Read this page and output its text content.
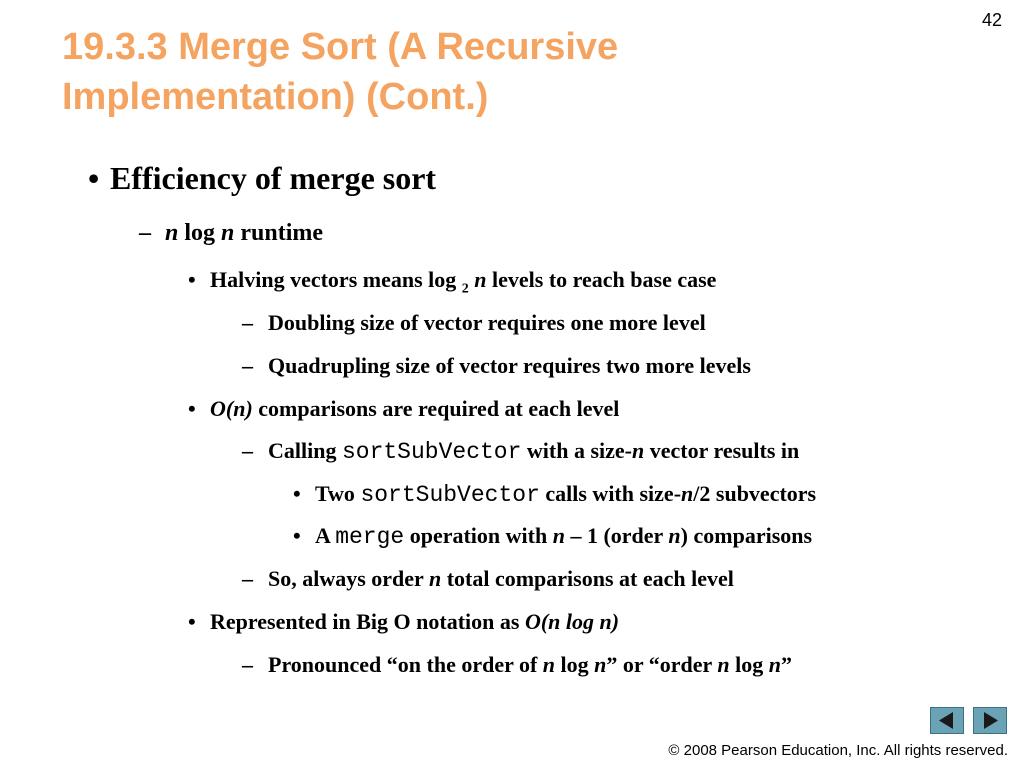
42
19.3.3 Merge Sort (A Recursive
Implementation) (Cont.)
• Efficiency of merge sort
– n log n runtime
• Halving vectors means log $_2$ n levels to reach base case
– Doubling size of vector requires one more level
– Quadrupling size of vector requires two more levels
• O(n) comparisons are required at each level
– Calling sortSubVector with a size-n vector results in
• Two sortSubVector calls with size-n/2 subvectors
• A merge operation with n – 1 (order n) comparisons
– So, always order n total comparisons at each level
• Represented in Big O notation as O(n log n)
– Pronounced “on the order of n log n” or “order n log n”
© 2008 Pearson Education, Inc. All rights reserved.
